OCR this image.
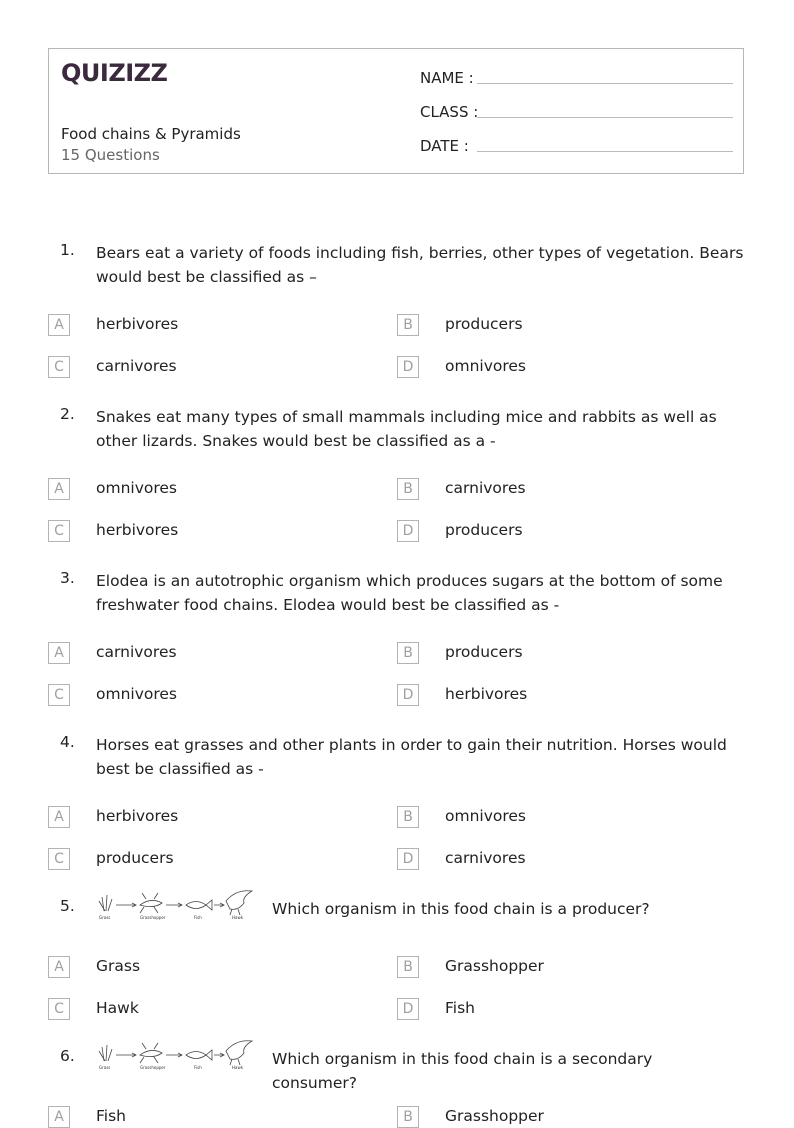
QUIZIZZ
Food chains & Pyramids
15 Questions
NAME :
CLASS :
DATE :
1. Bears eat a variety of foods including fish, berries, other types of vegetation. Bears would best be classified as –
A	herbivores	B	producers
C	carnivores	D	omnivores
2. Snakes eat many types of small mammals including mice and rabbits as well as other lizards. Snakes would best be classified as a -
A	omnivores	B	carnivores
C	herbivores	D	producers
3. Elodea is an autotrophic organism which produces sugars at the bottom of some freshwater food chains. Elodea would best be classified as -
A	carnivores	B	producers
C	omnivores	D	herbivores
4. Horses eat grasses and other plants in order to gain their nutrition. Horses would best be classified as -
A	herbivores	B	omnivores
C	producers	D	carnivores
5.
Grass	Grasshopper	Fish	Hawk Which organism in this food chain is a producer?
A	Grass	B	Grasshopper
C	Hawk	D	Fish
6.
Grass	Grasshopper	Fish	Hawk Which organism in this food chain is a secondary consumer?
A	Fish	B	Grasshopper
